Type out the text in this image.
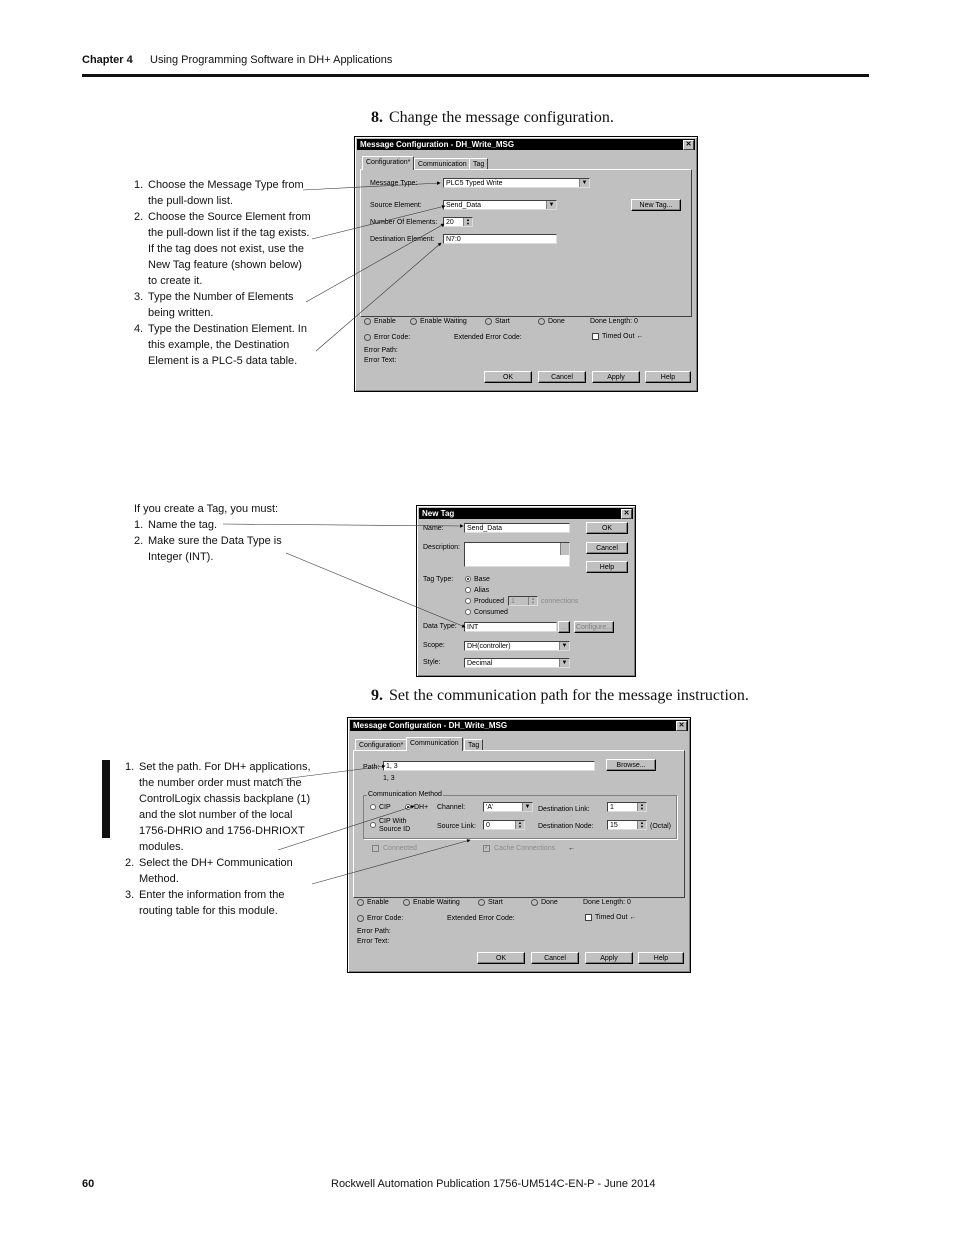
Chapter 4 Using Programming Software in DH+ Applications
8. Change the message configuration.
1. Choose the Message Type from the pull-down list.
2. Choose the Source Element from the pull-down list if the tag exists. If the tag does not exist, use the New Tag feature (shown below) to create it.
3. Type the Number of Elements being written.
4. Type the Destination Element. In this example, the Destination Element is a PLC-5 data table.
Message Configuration - DH_Write_MSG	✕
Configuration*	Communication Tag
Message Type:	PLC5 Typed Write	▼
Source Element:	Send_Data	▼	New Tag...
Number Of Elements:	20	▲
▼
Destination Element:	N7:0
Enable	Enable Waiting	Start	Done	Done Length: 0
Error Code:	Extended Error Code:	Timed Out ←
Error Path:
Error Text:
OK	Cancel	Apply	Help
If you create a Tag, you must:
1. Name the tag.
2. Make sure the Data Type is Integer (INT).
New Tag	✕
Name:	Send_Data	OK
Description:	Cancel
Help
Tag Type:	Base
Alias
Produced	1	▲
▼ connections
Consumed
Data Type:	INT	...	Configure...
Scope:	DH(controller)	▼
Style:	Decimal	▼
9. Set the communication path for the message instruction.
1. Set the path. For DH+ applications, the number order must match the ControlLogix chassis backplane (1) and the slot number of the local 1756-DHRIO and 1756-DHRIOXT modules.
2. Select the DH+ Communication Method.
3. Enter the information from the routing table for this module.
Message Configuration - DH_Write_MSG	✕
Configuration* Communication	Tag
Path: 1, 3	Browse...
1, 3
Communication Method
CIP	DH+
CIP With
Source ID
Channel:	'A'	▼ Destination Link:	1	▲
▼
Source Link:	0	▲
▼ Destination Node:	15	▲
▼ (Octal)
Connected	✓ Cache Connections ←
Enable	Enable Waiting	Start	Done	Done Length: 0
Error Code:	Extended Error Code:	Timed Out ←
Error Path:
Error Text:
OK	Cancel	Apply	Help
60	Rockwell Automation Publication 1756-UM514C-EN-P - June 2014
